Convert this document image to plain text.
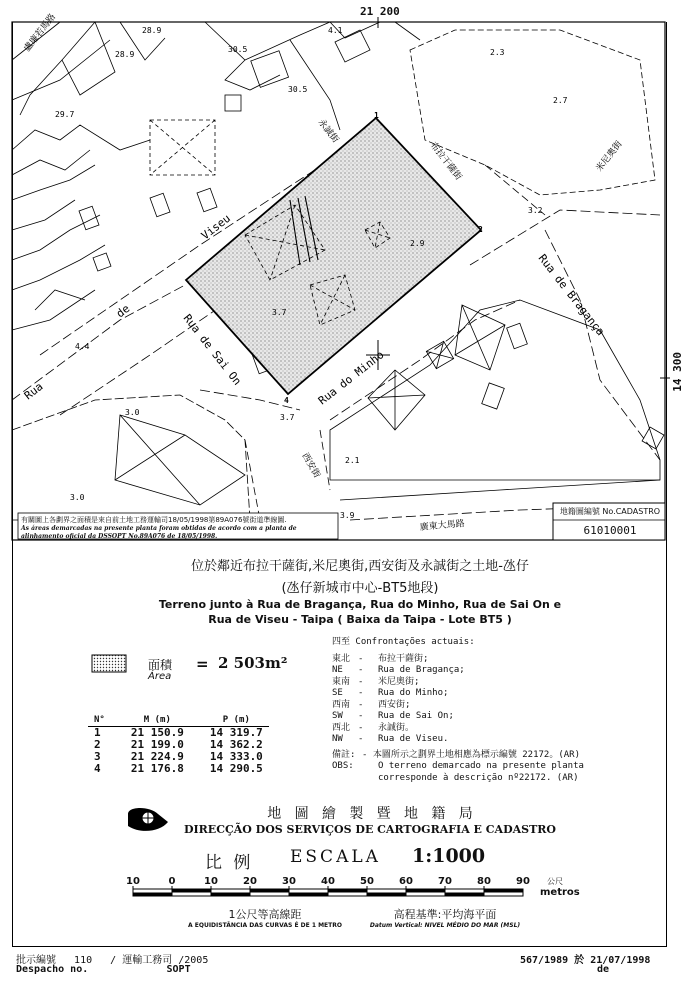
1
2
4
28.9
28.9
30.5
4.1
30.5
29.7
2.3
2.7
3.2
2.9
3.7
4.4
3.0
3.7
2.1
3.0
3.9
Viseu
de
Rua
Rua de Sai On	Rua do Minho
Rua de Bragança
盧廉若馬路
永誠街
布拉干薩街	米尼奧街
西安街
廣東大馬路
21 200
14 300
有關圖上各劃界之面積是來自前土地工務運輸司18/05/1998第89A076號街道準線圖.
As áreas demarcadas na presente planta foram obtidas de acordo com a planta de alinhamento oficial da DSSOPT No.89A076 de 18/05/1998.
地籍圖編號 No.CADASTRO
61010001
位於鄰近布拉干薩街,米尼奧街,西安街及永誠街之土地-氹仔
(氹仔新城市中心-BT5地段)
Terreno junto à Rua de Bragança, Rua do Minho, Rua de Sai On e
Rua de Viseu - Taipa ( Baixa da Taipa - Lote BT5 )
面積
Área
= 2 503m²
N°	M (m)	P (m)
1	21 150.9	14 319.7
2	21 199.0	14 362.2
3	21 224.9	14 333.0
4	21 176.8	14 290.5
四至 Confrontações actuais:
東北 - 布拉干薩街;
NE - Rua de Bragança;
東南 - 米尼奧街;
SE - Rua do Minho;
西南 - 西安街;
SW - Rua de Sai On;
西北 - 永誠街。
NW - Rua de Viseu.
備註: - 本圖所示之劃界土地相應為標示編號 22172。(AR)
OBS:	O terreno demarcado na presente planta
corresponde à descrição nº22172. (AR)
地   圖   繪   製   暨   地   籍   局
DIRECÇÃO DOS SERVIÇOS DE CARTOGRAFIA E CADASTRO
比 例 ESCALA 1:1000
10	0	10	20	30	40	50	60	70	80	90	公尺
metros
1公尺等高線距
A EQUIDISTÂNCIA DAS CURVAS É DE 1 METRO
高程基準:平均海平面
Datum Vertical: NIVEL MÉDIO DO MAR (MSL)
批示編號   110   / 運輸工務司 /2005
Despacho no.             SOPT
567/1989 於 21/07/1998
de
